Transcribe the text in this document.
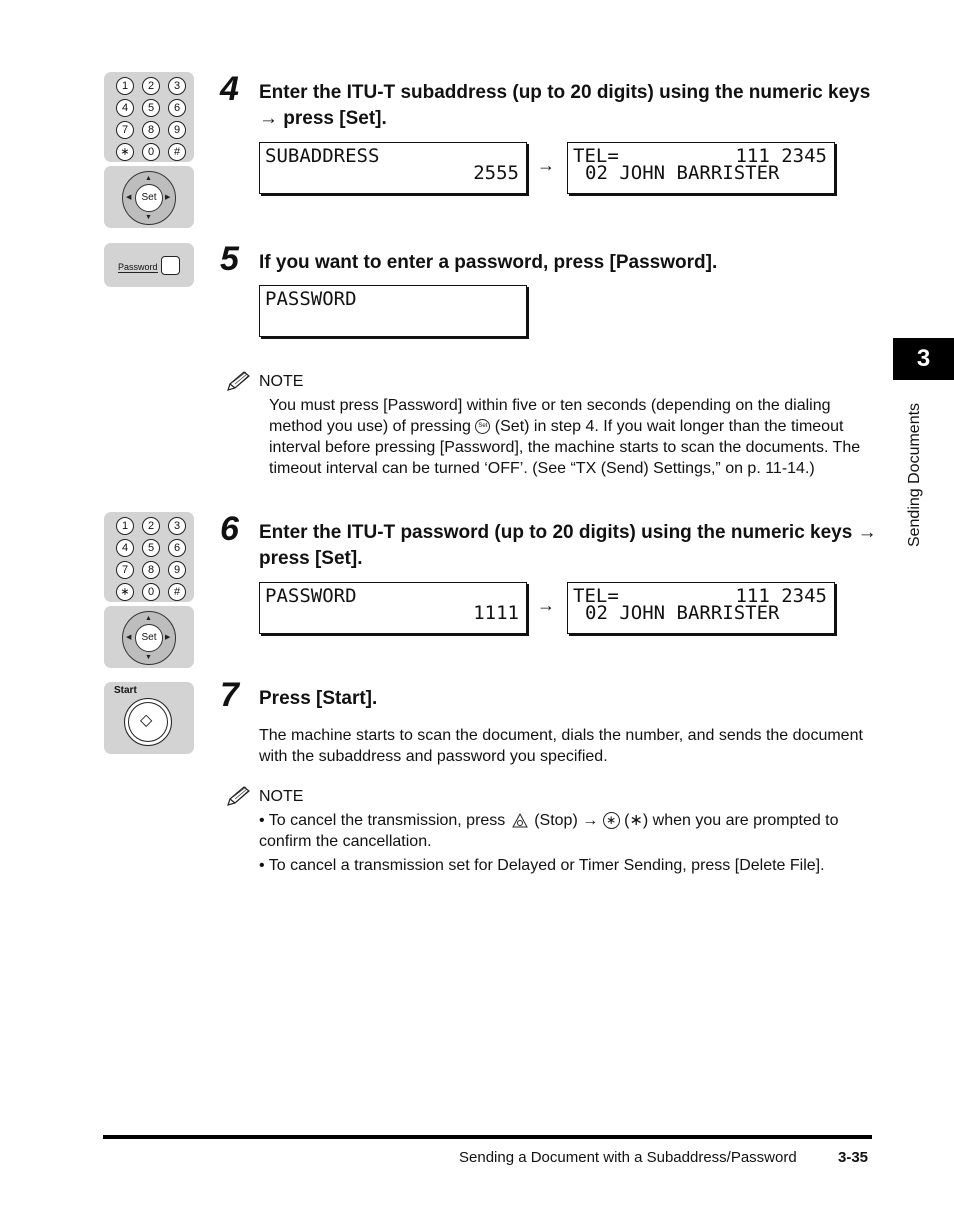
1	2	3
4	5	6
7	8	9
∗	0	#
▲
▼
◀	▶
Set
4 Enter the ITU-T subaddress (up to 20 digits) using the numeric keys → press [Set].
SUBADDRESS
2555 → TEL=	111 2345
02 JOHN BARRISTER
Password 5 If you want to enter a password, press [Password].
PASSWORD
NOTE
You must press [Password] within five or ten seconds (depending on the dialing method you use) of pressing Set (Set) in step 4. If you wait longer than the timeout interval before pressing [Password], the machine starts to scan the documents. The timeout interval can be turned ‘OFF’. (See “TX (Send) Settings,” on p. 11-14.)
1	2	3
4	5	6
7	8	9
∗	0	#
▲
▼
◀	▶
Set
6 Enter the ITU-T password (up to 20 digits) using the numeric keys → press [Set].
PASSWORD
1111 → TEL=	111 2345
02 JOHN BARRISTER
Start
◇
7 Press [Start].
The machine starts to scan the document, dials the number, and sends the document with the subaddress and password you specified.
NOTE
• To cancel the transmission, press  (Stop) → ∗ (∗) when you are prompted to confirm the cancellation.
• To cancel a transmission set for Delayed or Timer Sending, press [Delete File].
3
Sending Documents
Sending a Document with a Subaddress/Password	3-35
